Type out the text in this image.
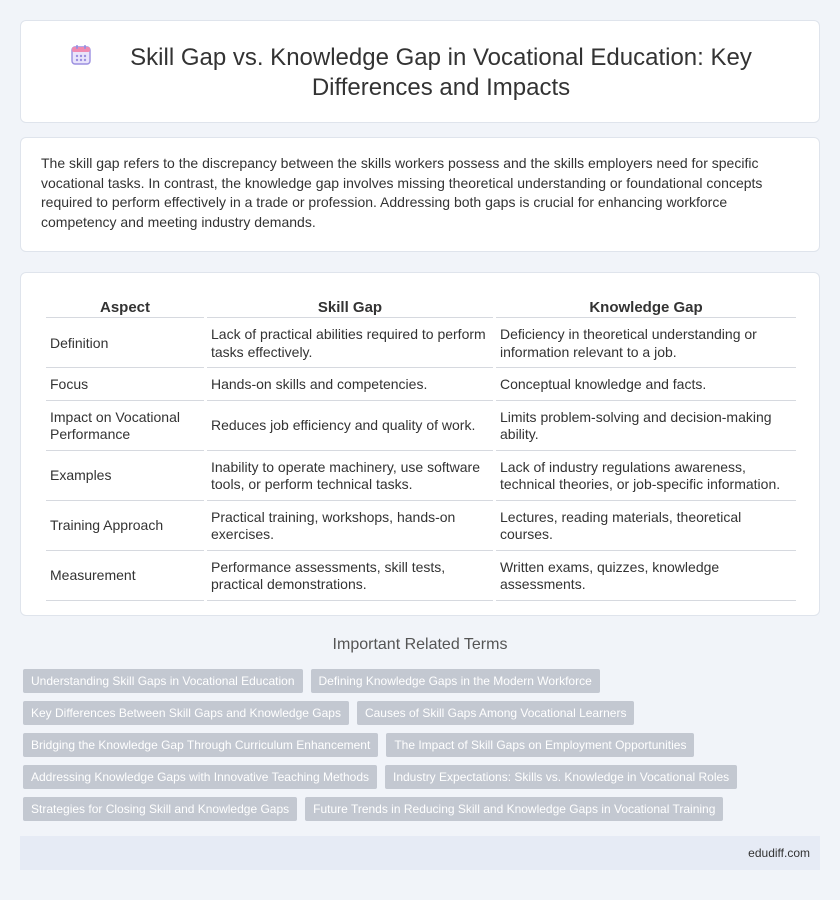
Skill Gap vs. Knowledge Gap in Vocational Education: Key Differences and Impacts

The skill gap refers to the discrepancy between the skills workers possess and the skills employers need for specific vocational tasks. In contrast, the knowledge gap involves missing theoretical understanding or foundational concepts required to perform effectively in a trade or profession. Addressing both gaps is crucial for enhancing workforce competency and meeting industry demands.

Aspect	Skill Gap	Knowledge Gap
Definition	Lack of practical abilities required to perform tasks effectively.	Deficiency in theoretical understanding or information relevant to a job.
Focus	Hands-on skills and competencies.	Conceptual knowledge and facts.
Impact on Vocational Performance	Reduces job efficiency and quality of work.	Limits problem-solving and decision-making ability.
Examples	Inability to operate machinery, use software tools, or perform technical tasks.	Lack of industry regulations awareness, technical theories, or job-specific information.
Training Approach	Practical training, workshops, hands-on exercises.	Lectures, reading materials, theoretical courses.
Measurement	Performance assessments, skill tests, practical demonstrations.	Written exams, quizzes, knowledge assessments.
Important Related Terms
Understanding Skill Gaps in Vocational Education	Defining Knowledge Gaps in the Modern Workforce
Key Differences Between Skill Gaps and Knowledge Gaps	Causes of Skill Gaps Among Vocational Learners
Bridging the Knowledge Gap Through Curriculum Enhancement	The Impact of Skill Gaps on Employment Opportunities
Addressing Knowledge Gaps with Innovative Teaching Methods	Industry Expectations: Skills vs. Knowledge in Vocational Roles
Strategies for Closing Skill and Knowledge Gaps	Future Trends in Reducing Skill and Knowledge Gaps in Vocational Training
edudiff.com
